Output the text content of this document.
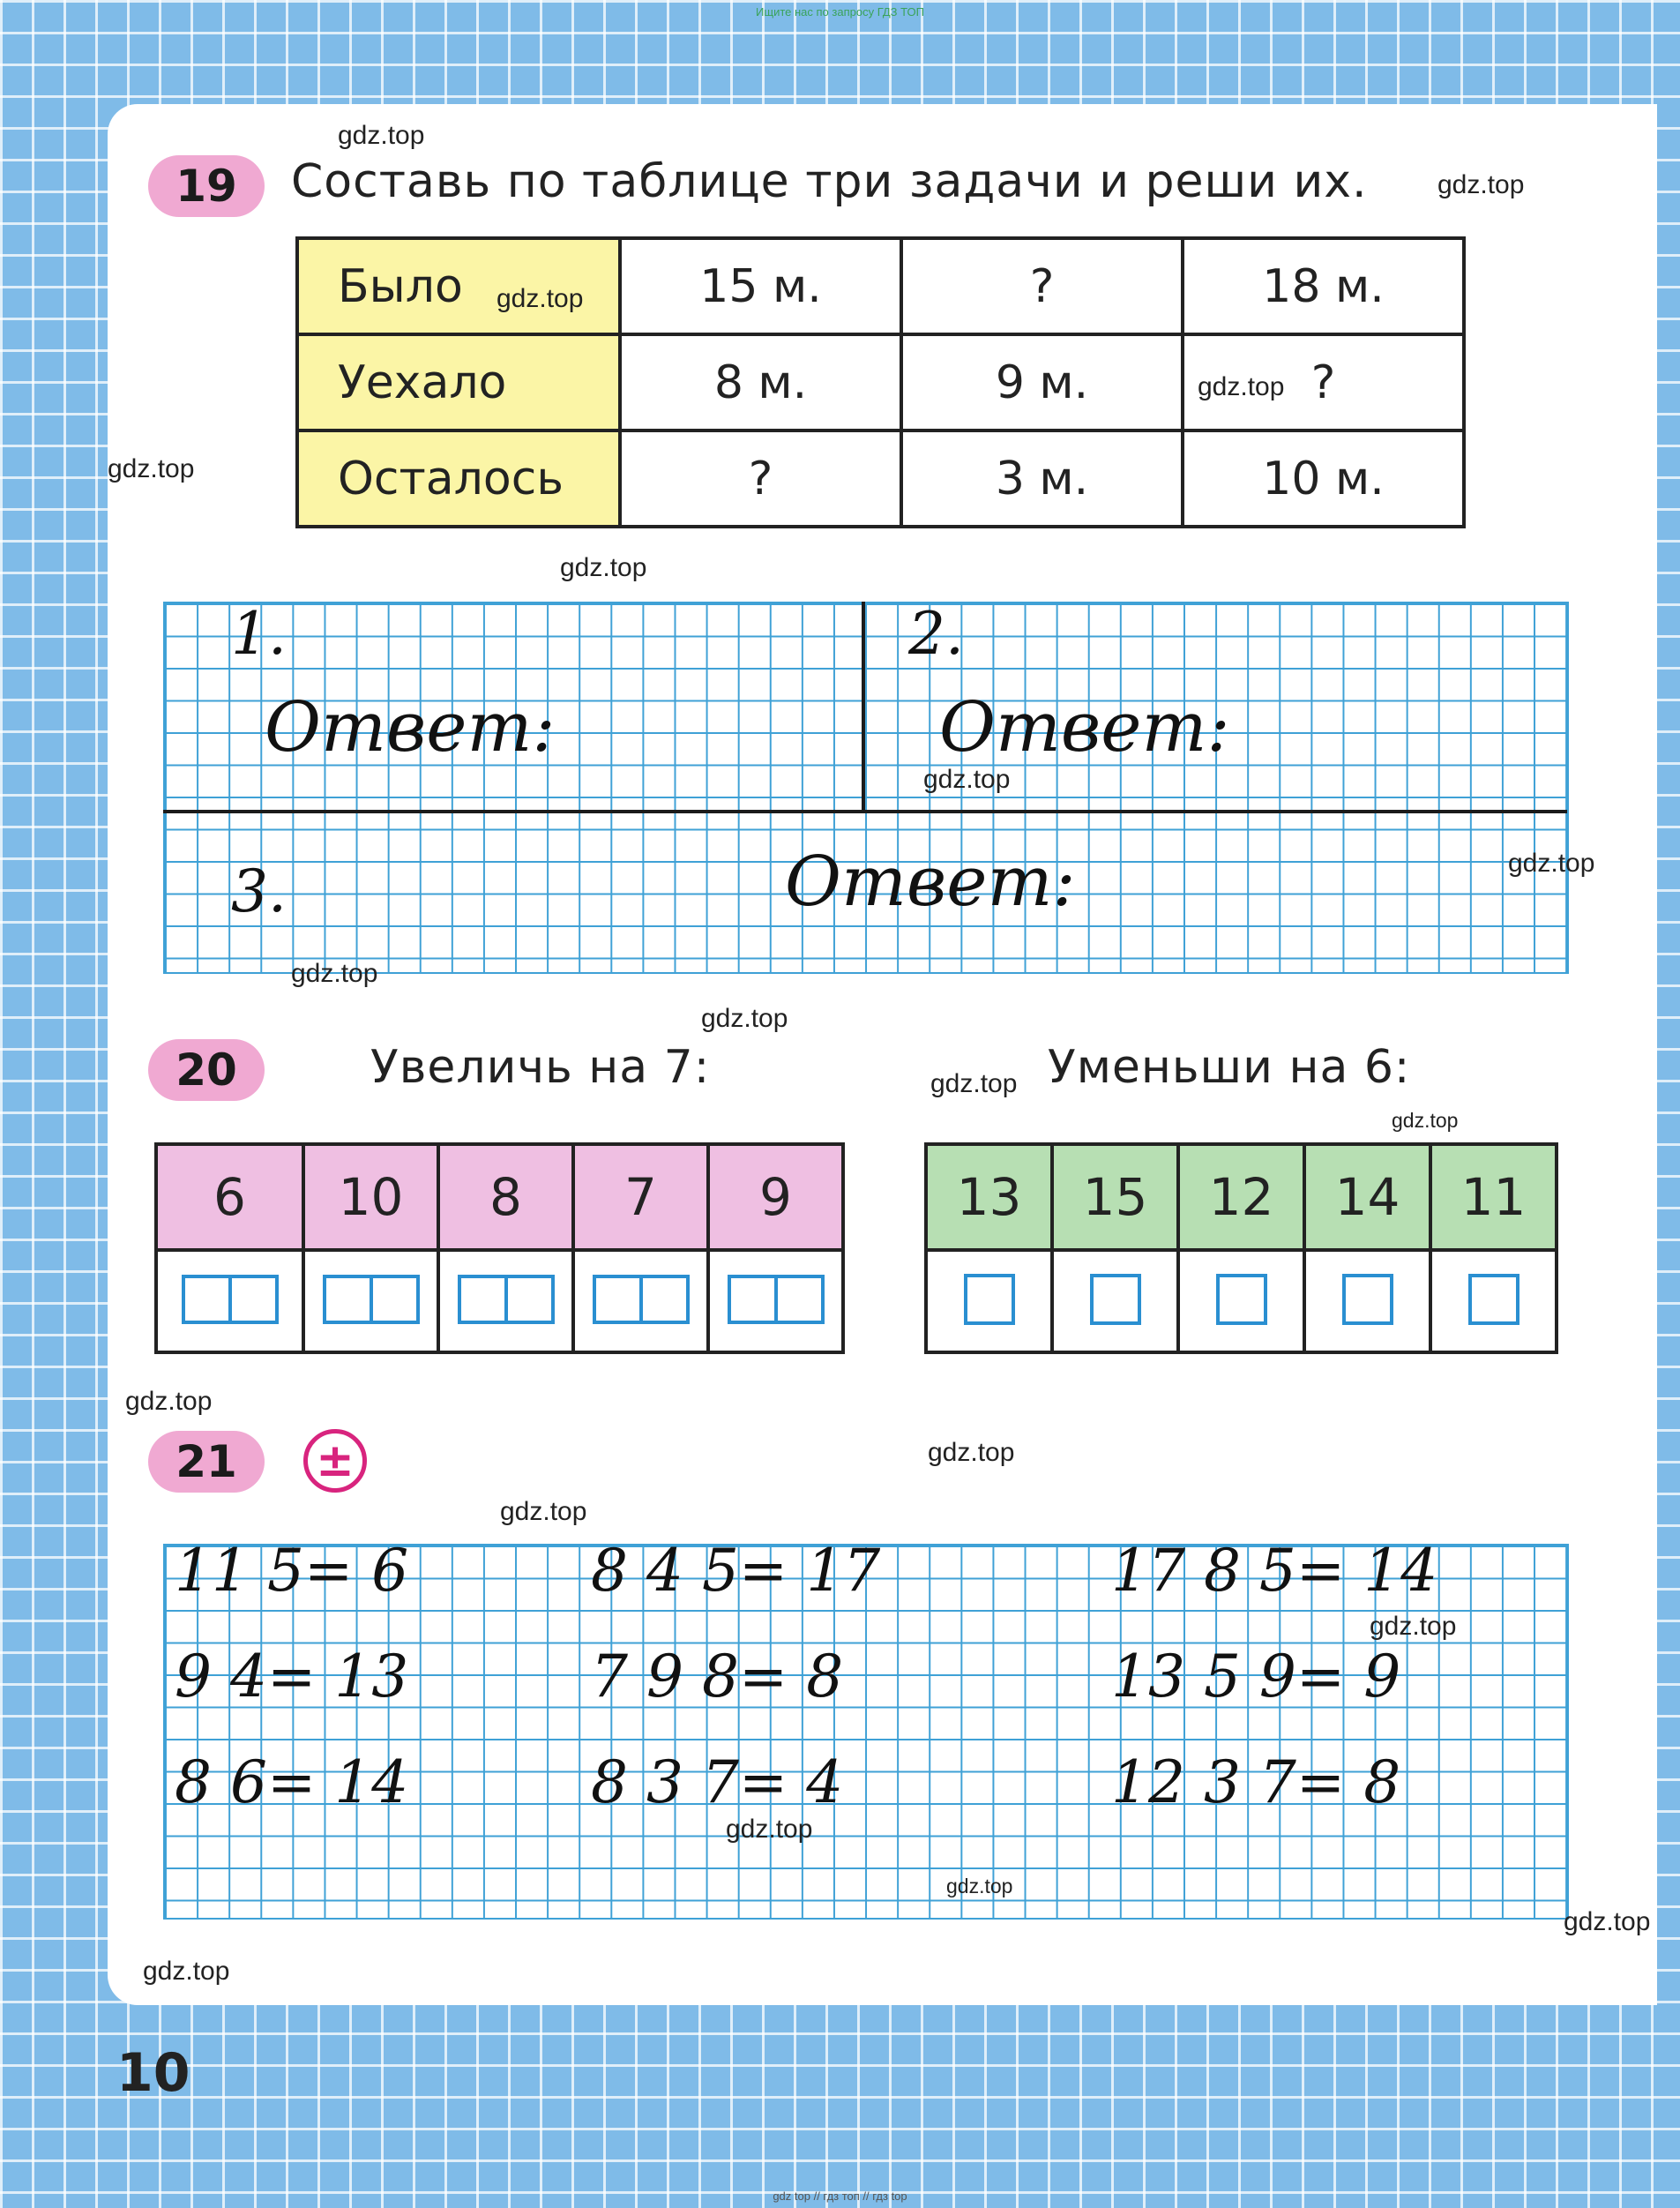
Ищите нас по запросу ГДЗ ТОП
19	Составь по таблице три задачи и реши их.
Было	15 м.	?	18 м.
Уехало	8 м.	9 м.	?
Осталось	?	3 м.	10 м.
1.
Ответ:
2.
Ответ:
3.	Ответ:
20	Увеличь на 7:	Уменьши на 6:
6	10	8	7	9
					13	15	12	14	11

21	±
11 5= 6	8 4 5= 17	17 8 5= 14
9 4= 13	7 9 8= 8	13 5 9= 9
8 6= 14	8 3 7= 4	12 3 7= 8
10
gdz.top
gdz.top
gdz.top
gdz.top
gdz.top
gdz.top
gdz.top
gdz.top
gdz.top
gdz.top
gdz.top
gdz.top
gdz.top
gdz.top
gdz.top
gdz.top
gdz.top
gdz.top
gdz.top
gdz.top
gdz top // гдз топ // гдз top
